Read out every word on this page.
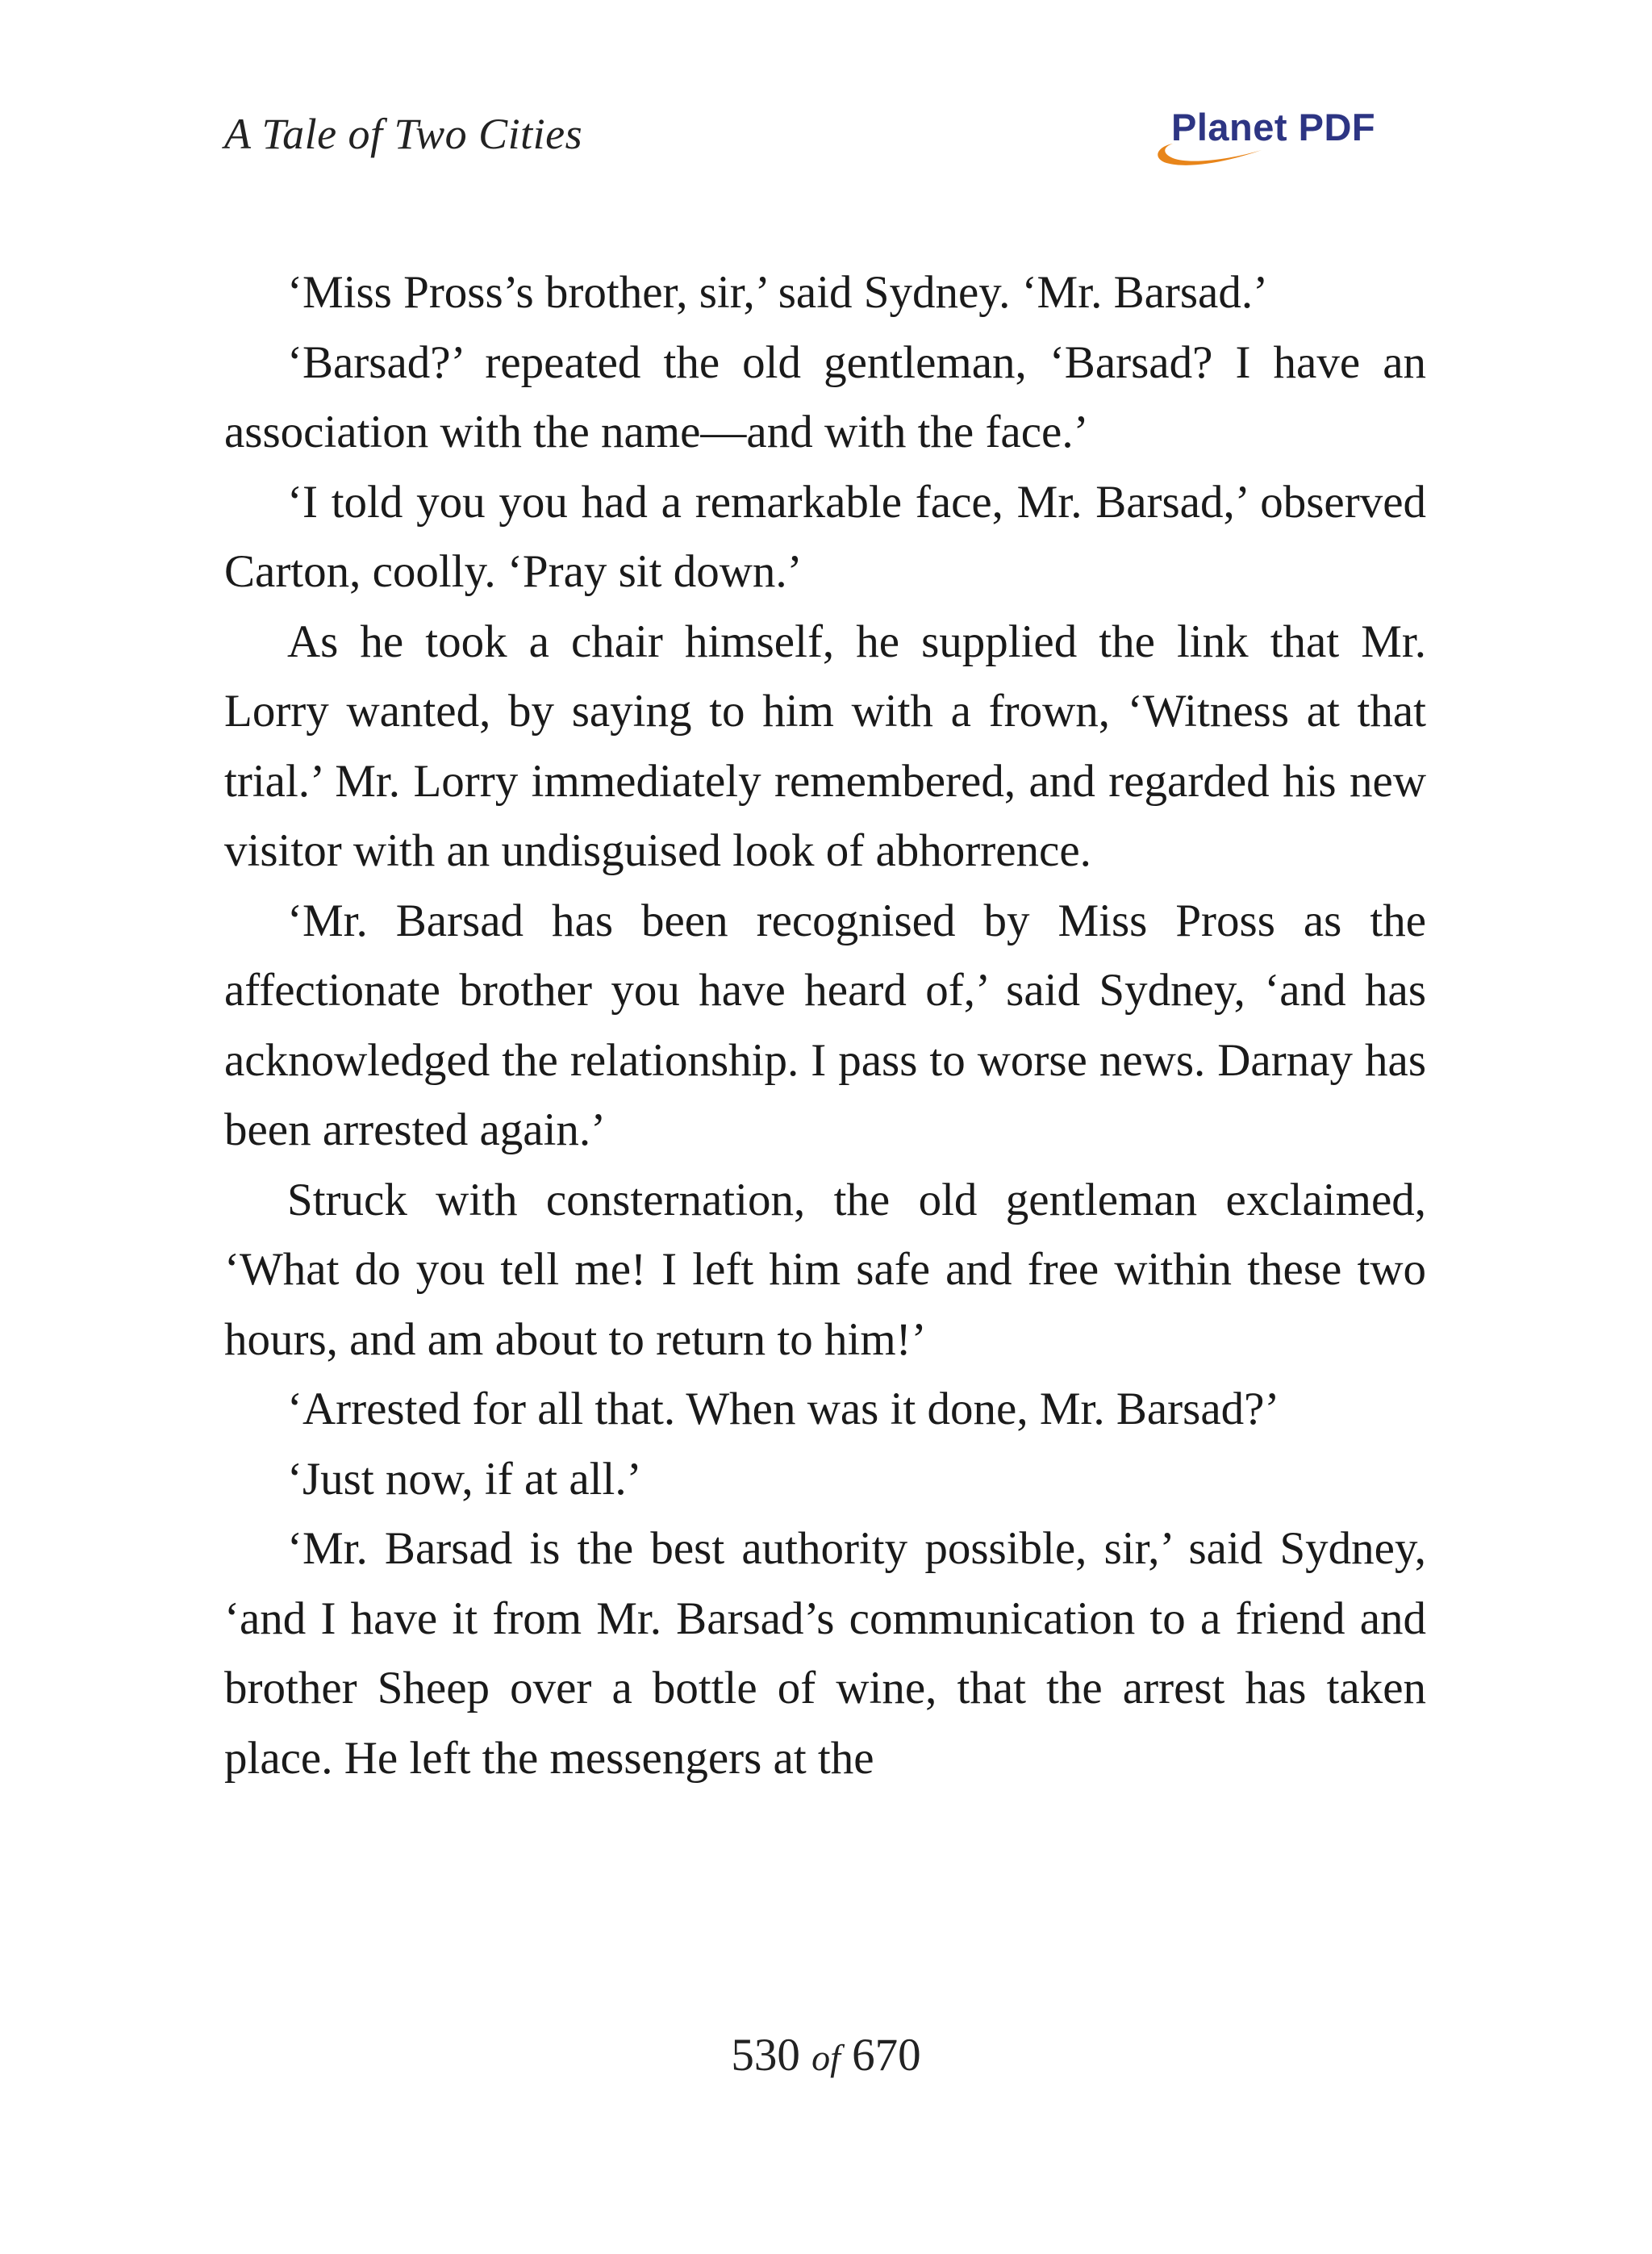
A Tale of Two Cities	Planet PDF

‘Miss Pross’s brother, sir,’ said Sydney. ‘Mr. Barsad.’

‘Barsad?’ repeated the old gentleman, ‘Barsad? I have an association with the name—and with the face.’

‘I told you you had a remarkable face, Mr. Barsad,’ observed Carton, coolly. ‘Pray sit down.’

As he took a chair himself, he supplied the link that Mr. Lorry wanted, by saying to him with a frown, ‘Witness at that trial.’ Mr. Lorry immediately remembered, and regarded his new visitor with an undisguised look of abhorrence.

‘Mr. Barsad has been recognised by Miss Pross as the affectionate brother you have heard of,’ said Sydney, ‘and has acknowledged the relationship. I pass to worse news. Darnay has been arrested again.’

Struck with consternation, the old gentleman exclaimed, ‘What do you tell me! I left him safe and free within these two hours, and am about to return to him!’

‘Arrested for all that. When was it done, Mr. Barsad?’

‘Just now, if at all.’

‘Mr. Barsad is the best authority possible, sir,’ said Sydney, ‘and I have it from Mr. Barsad’s communication to a friend and brother Sheep over a bottle of wine, that the arrest has taken place. He left the messengers at the

530 of 670
